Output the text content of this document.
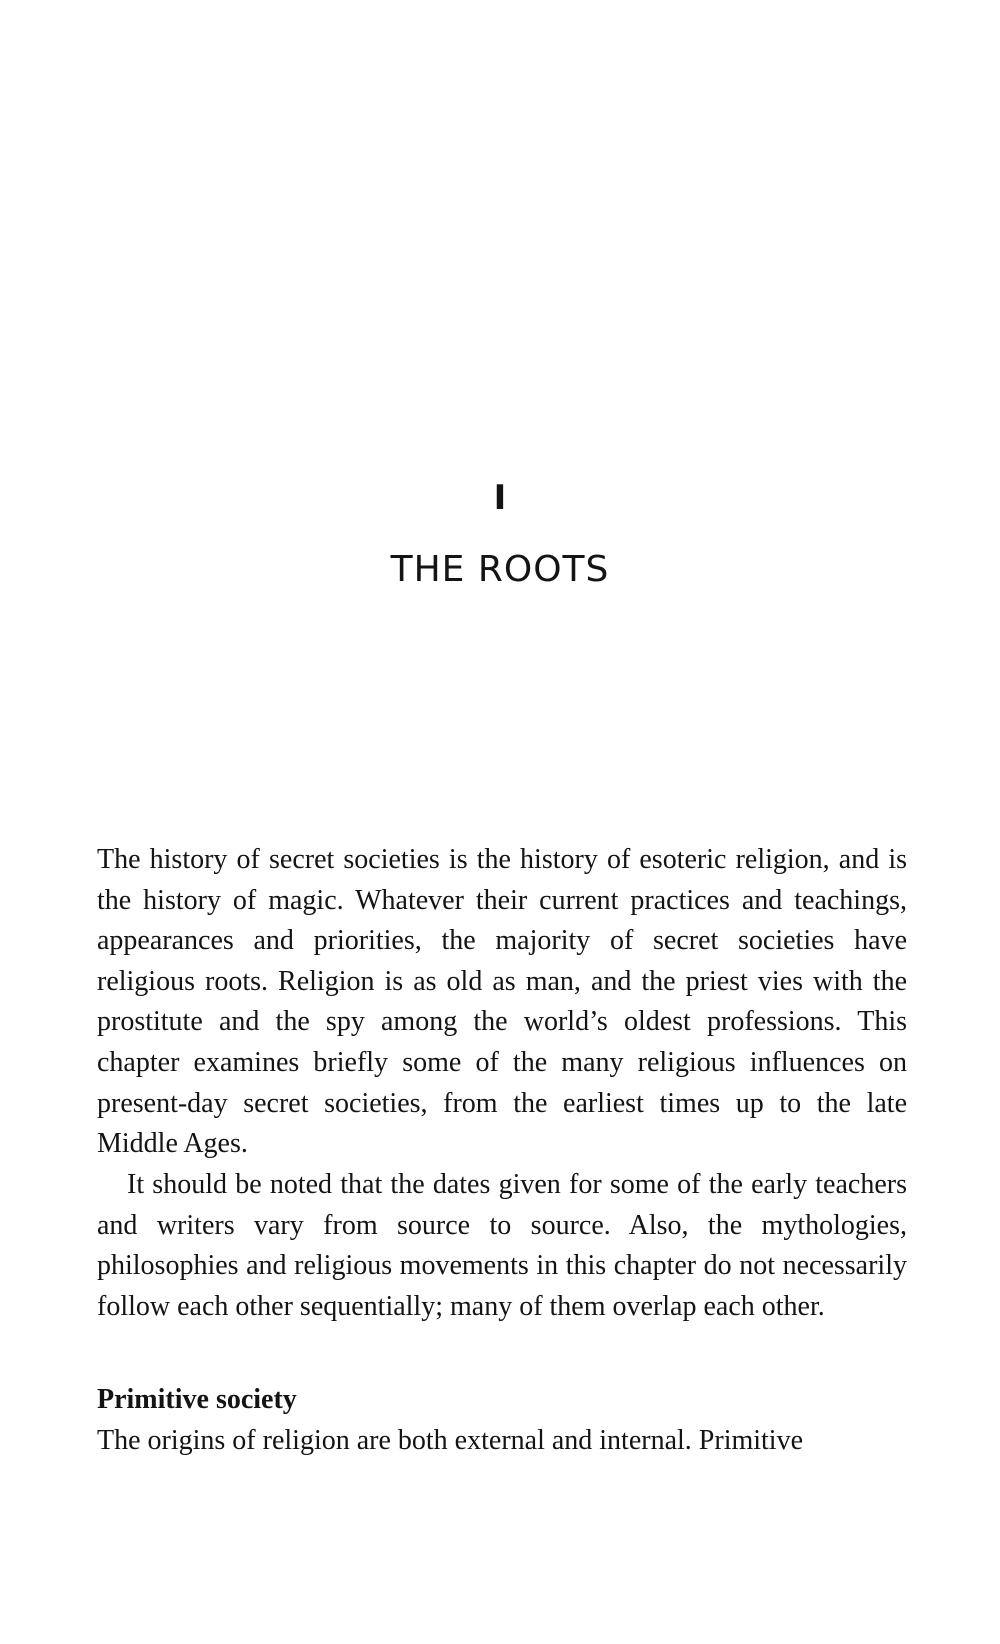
I
THE ROOTS

The history of secret societies is the history of esoteric religion, and is the history of magic. Whatever their current practices and teachings, appearances and priorities, the majority of secret societies have religious roots. Religion is as old as man, and the priest vies with the prostitute and the spy among the world’s oldest professions. This chapter examines briefly some of the many religious influences on present-day secret societies, from the earliest times up to the late Middle Ages.

It should be noted that the dates given for some of the early teachers and writers vary from source to source. Also, the mythologies, philosophies and religious movements in this chapter do not necessarily follow each other sequentially; many of them overlap each other.

Primitive society

The origins of religion are both external and internal. Primitive
